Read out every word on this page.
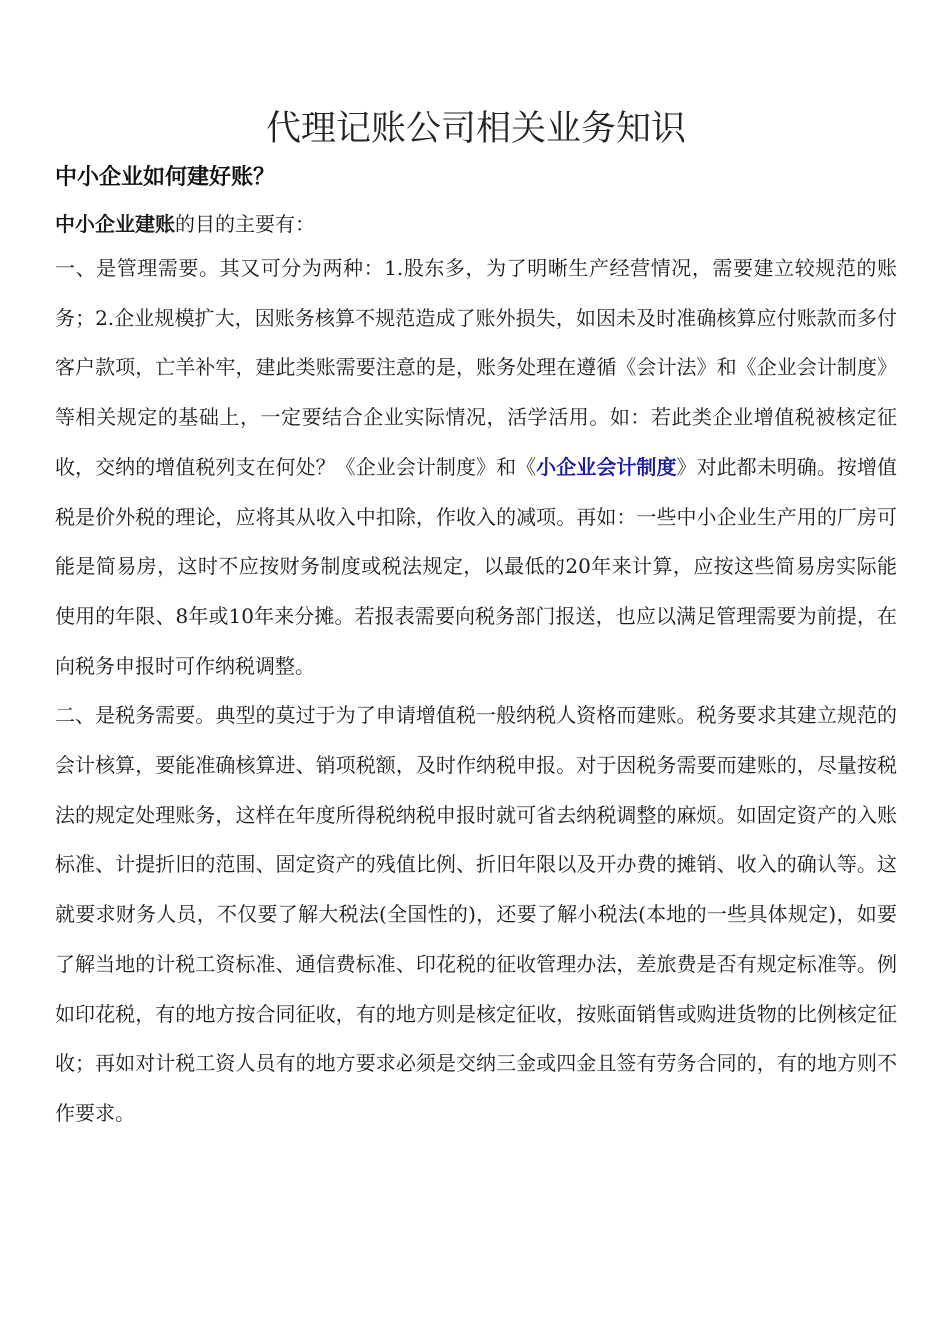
代理记账公司相关业务知识
中小企业如何建好账？

中小企业建账的目的主要有：

一、是管理需要。其又可分为两种：1.股东多，为了明晰生产经营情况，需要建立较规范的账务；2.企业规模扩大，因账务核算不规范造成了账外损失，如因未及时准确核算应付账款而多付客户款项，亡羊补牢，建此类账需要注意的是，账务处理在遵循《会计法》和《企业会计制度》等相关规定的基础上，一定要结合企业实际情况，活学活用。如：若此类企业增值税被核定征收，交纳的增值税列支在何处？《企业会计制度》和《小企业会计制度》对此都未明确。按增值税是价外税的理论，应将其从收入中扣除，作收入的减项。再如：一些中小企业生产用的厂房可能是简易房，这时不应按财务制度或税法规定，以最低的20年来计算，应按这些简易房实际能使用的年限、8年或10年来分摊。若报表需要向税务部门报送，也应以满足管理需要为前提，在向税务申报时可作纳税调整。

二、是税务需要。典型的莫过于为了申请增值税一般纳税人资格而建账。税务要求其建立规范的会计核算，要能准确核算进、销项税额，及时作纳税申报。对于因税务需要而建账的，尽量按税法的规定处理账务，这样在年度所得税纳税申报时就可省去纳税调整的麻烦。如固定资产的入账标准、计提折旧的范围、固定资产的残值比例、折旧年限以及开办费的摊销、收入的确认等。这就要求财务人员，不仅要了解大税法(全国性的)，还要了解小税法(本地的一些具体规定)，如要了解当地的计税工资标准、通信费标准、印花税的征收管理办法，差旅费是否有规定标准等。例如印花税，有的地方按合同征收，有的地方则是核定征收，按账面销售或购进货物的比例核定征收；再如对计税工资人员有的地方要求必须是交纳三金或四金且签有劳务合同的，有的地方则不作要求。
